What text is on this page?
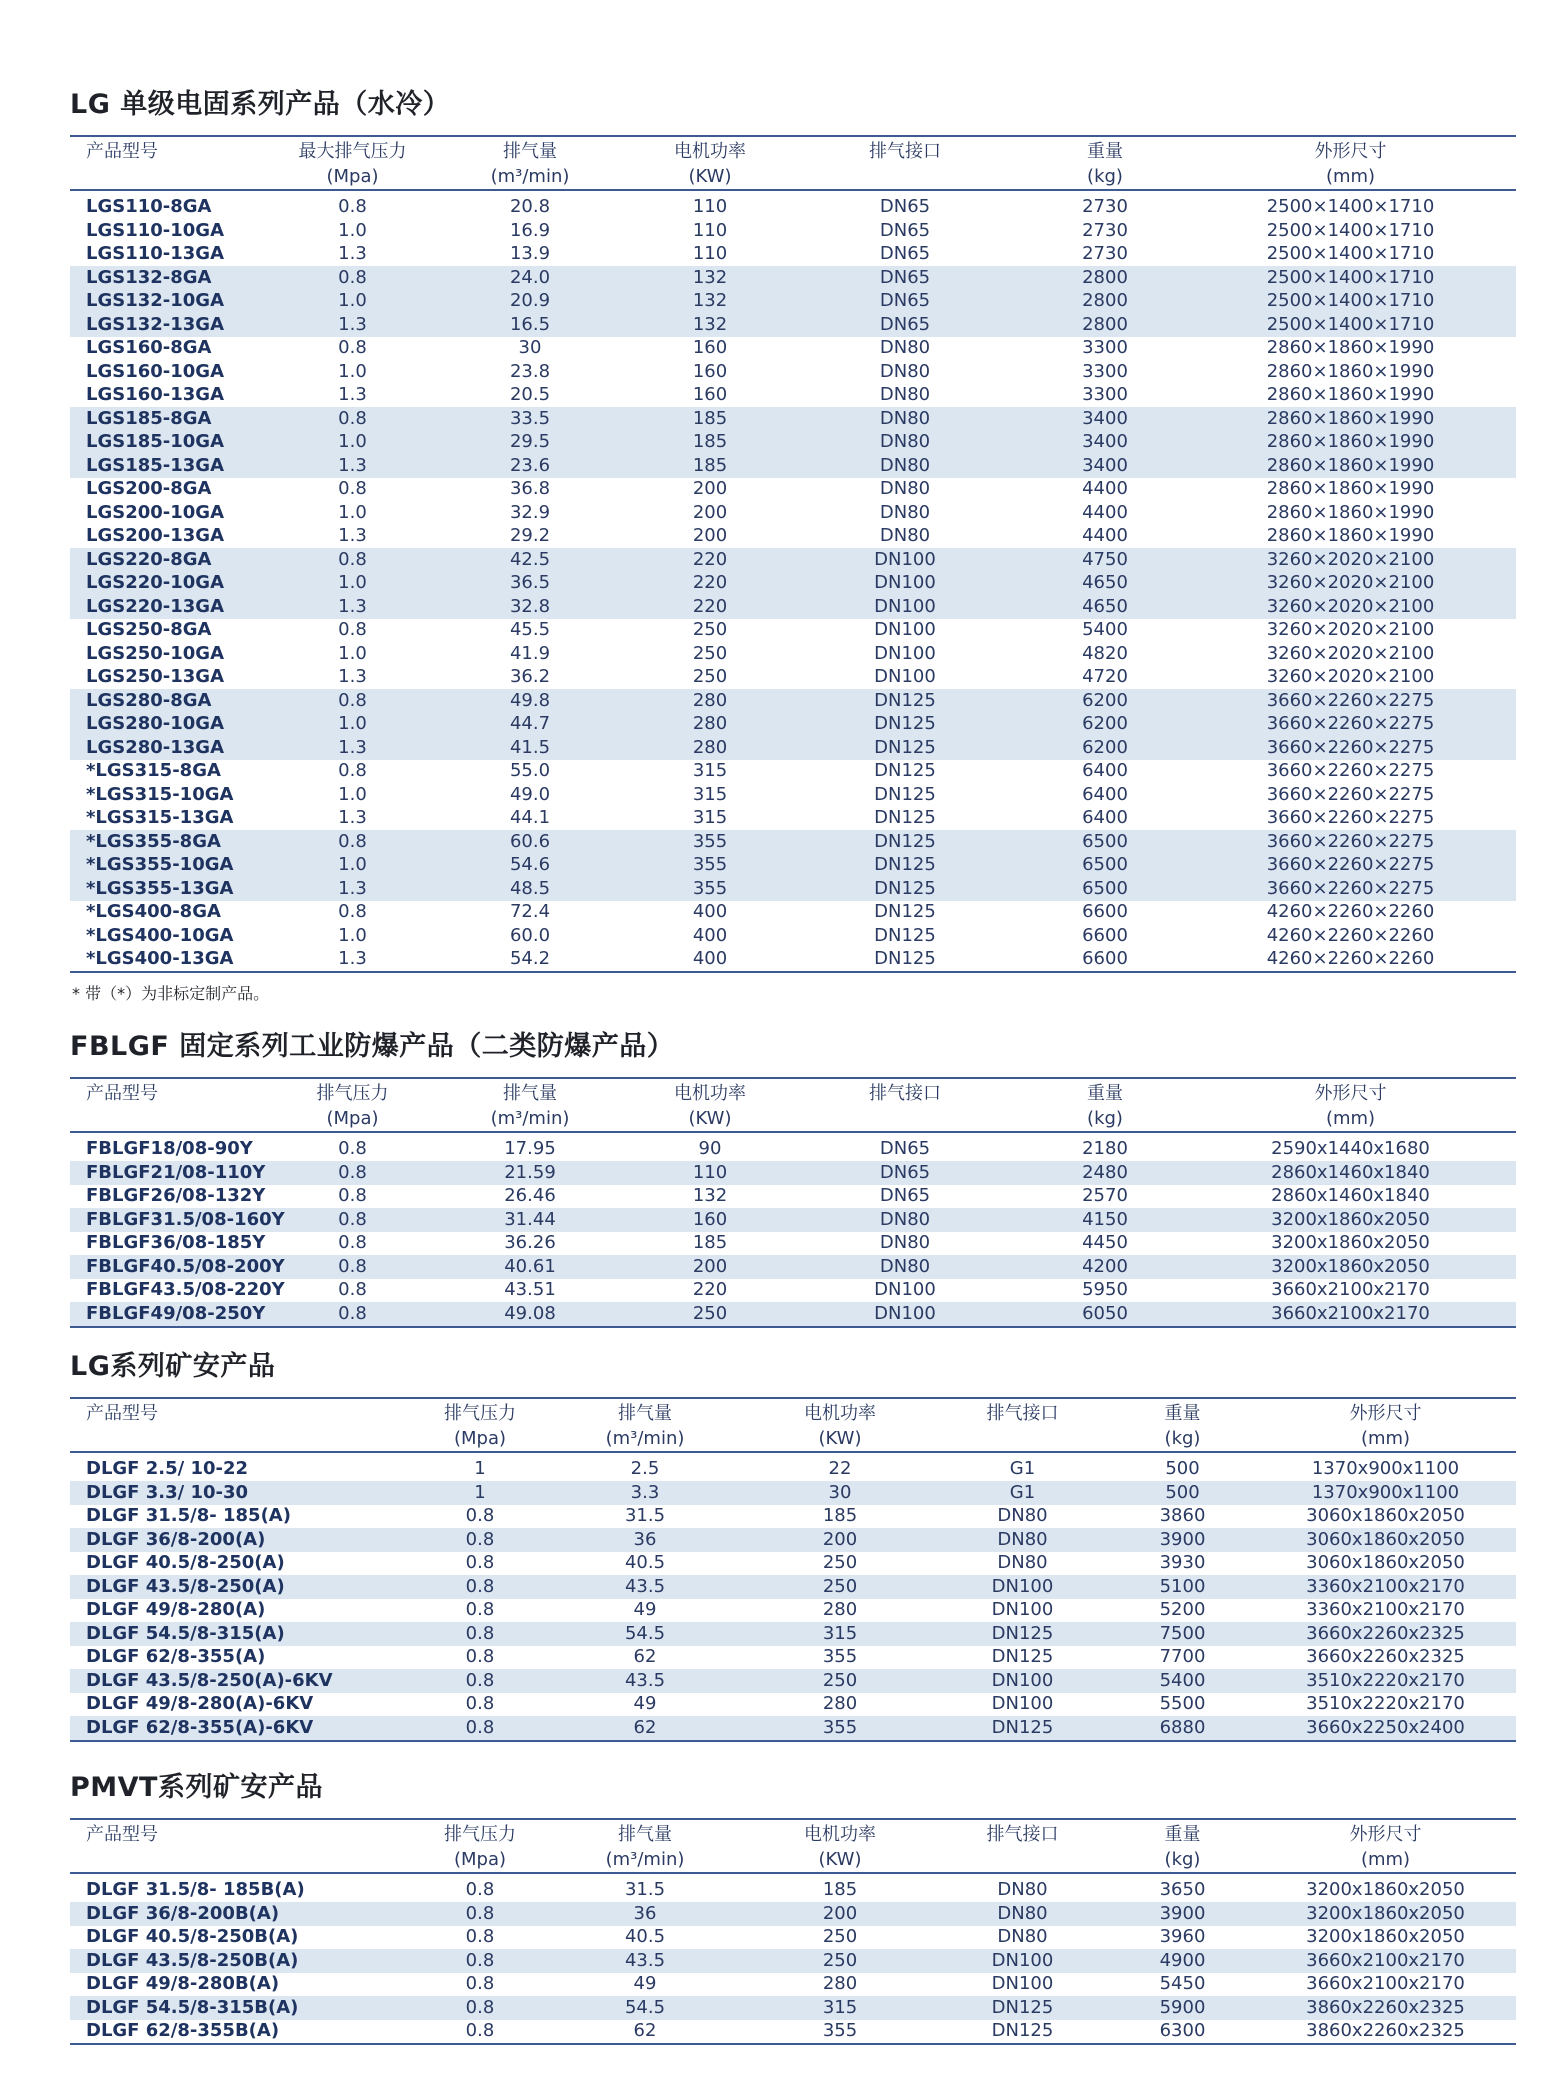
LG 单级电固系列产品（水冷）
产品型号	最大排气压力	排气量	电机功率	排气接口	重量	外形尺寸
	(Mpa)	(m³/min)	(KW)		(kg)	(mm)
LGS110-8GA	0.8	20.8	110	DN65	2730	2500×1400×1710
LGS110-10GA	1.0	16.9	110	DN65	2730	2500×1400×1710
LGS110-13GA	1.3	13.9	110	DN65	2730	2500×1400×1710
LGS132-8GA	0.8	24.0	132	DN65	2800	2500×1400×1710
LGS132-10GA	1.0	20.9	132	DN65	2800	2500×1400×1710
LGS132-13GA	1.3	16.5	132	DN65	2800	2500×1400×1710
LGS160-8GA	0.8	30	160	DN80	3300	2860×1860×1990
LGS160-10GA	1.0	23.8	160	DN80	3300	2860×1860×1990
LGS160-13GA	1.3	20.5	160	DN80	3300	2860×1860×1990
LGS185-8GA	0.8	33.5	185	DN80	3400	2860×1860×1990
LGS185-10GA	1.0	29.5	185	DN80	3400	2860×1860×1990
LGS185-13GA	1.3	23.6	185	DN80	3400	2860×1860×1990
LGS200-8GA	0.8	36.8	200	DN80	4400	2860×1860×1990
LGS200-10GA	1.0	32.9	200	DN80	4400	2860×1860×1990
LGS200-13GA	1.3	29.2	200	DN80	4400	2860×1860×1990
LGS220-8GA	0.8	42.5	220	DN100	4750	3260×2020×2100
LGS220-10GA	1.0	36.5	220	DN100	4650	3260×2020×2100
LGS220-13GA	1.3	32.8	220	DN100	4650	3260×2020×2100
LGS250-8GA	0.8	45.5	250	DN100	5400	3260×2020×2100
LGS250-10GA	1.0	41.9	250	DN100	4820	3260×2020×2100
LGS250-13GA	1.3	36.2	250	DN100	4720	3260×2020×2100
LGS280-8GA	0.8	49.8	280	DN125	6200	3660×2260×2275
LGS280-10GA	1.0	44.7	280	DN125	6200	3660×2260×2275
LGS280-13GA	1.3	41.5	280	DN125	6200	3660×2260×2275
*LGS315-8GA	0.8	55.0	315	DN125	6400	3660×2260×2275
*LGS315-10GA	1.0	49.0	315	DN125	6400	3660×2260×2275
*LGS315-13GA	1.3	44.1	315	DN125	6400	3660×2260×2275
*LGS355-8GA	0.8	60.6	355	DN125	6500	3660×2260×2275
*LGS355-10GA	1.0	54.6	355	DN125	6500	3660×2260×2275
*LGS355-13GA	1.3	48.5	355	DN125	6500	3660×2260×2275
*LGS400-8GA	0.8	72.4	400	DN125	6600	4260×2260×2260
*LGS400-10GA	1.0	60.0	400	DN125	6600	4260×2260×2260
*LGS400-13GA	1.3	54.2	400	DN125	6600	4260×2260×2260
* 带（*）为非标定制产品。
FBLGF 固定系列工业防爆产品（二类防爆产品）
产品型号	排气压力	排气量	电机功率	排气接口	重量	外形尺寸
	(Mpa)	(m³/min)	(KW)		(kg)	(mm)
FBLGF18/08-90Y	0.8	17.95	90	DN65	2180	2590x1440x1680
FBLGF21/08-110Y	0.8	21.59	110	DN65	2480	2860x1460x1840
FBLGF26/08-132Y	0.8	26.46	132	DN65	2570	2860x1460x1840
FBLGF31.5/08-160Y	0.8	31.44	160	DN80	4150	3200x1860x2050
FBLGF36/08-185Y	0.8	36.26	185	DN80	4450	3200x1860x2050
FBLGF40.5/08-200Y	0.8	40.61	200	DN80	4200	3200x1860x2050
FBLGF43.5/08-220Y	0.8	43.51	220	DN100	5950	3660x2100x2170
FBLGF49/08-250Y	0.8	49.08	250	DN100	6050	3660x2100x2170
LG系列矿安产品
产品型号	排气压力	排气量	电机功率	排气接口	重量	外形尺寸
	(Mpa)	(m³/min)	(KW)		(kg)	(mm)
DLGF 2.5/ 10-22	1	2.5	22	G1	500	1370x900x1100
DLGF 3.3/ 10-30	1	3.3	30	G1	500	1370x900x1100
DLGF 31.5/8- 185(A)	0.8	31.5	185	DN80	3860	3060x1860x2050
DLGF 36/8-200(A)	0.8	36	200	DN80	3900	3060x1860x2050
DLGF 40.5/8-250(A)	0.8	40.5	250	DN80	3930	3060x1860x2050
DLGF 43.5/8-250(A)	0.8	43.5	250	DN100	5100	3360x2100x2170
DLGF 49/8-280(A)	0.8	49	280	DN100	5200	3360x2100x2170
DLGF 54.5/8-315(A)	0.8	54.5	315	DN125	7500	3660x2260x2325
DLGF 62/8-355(A)	0.8	62	355	DN125	7700	3660x2260x2325
DLGF 43.5/8-250(A)-6KV	0.8	43.5	250	DN100	5400	3510x2220x2170
DLGF 49/8-280(A)-6KV	0.8	49	280	DN100	5500	3510x2220x2170
DLGF 62/8-355(A)-6KV	0.8	62	355	DN125	6880	3660x2250x2400
PMVT系列矿安产品
产品型号	排气压力	排气量	电机功率	排气接口	重量	外形尺寸
	(Mpa)	(m³/min)	(KW)		(kg)	(mm)
DLGF 31.5/8- 185B(A)	0.8	31.5	185	DN80	3650	3200x1860x2050
DLGF 36/8-200B(A)	0.8	36	200	DN80	3900	3200x1860x2050
DLGF 40.5/8-250B(A)	0.8	40.5	250	DN80	3960	3200x1860x2050
DLGF 43.5/8-250B(A)	0.8	43.5	250	DN100	4900	3660x2100x2170
DLGF 49/8-280B(A)	0.8	49	280	DN100	5450	3660x2100x2170
DLGF 54.5/8-315B(A)	0.8	54.5	315	DN125	5900	3860x2260x2325
DLGF 62/8-355B(A)	0.8	62	355	DN125	6300	3860x2260x2325
